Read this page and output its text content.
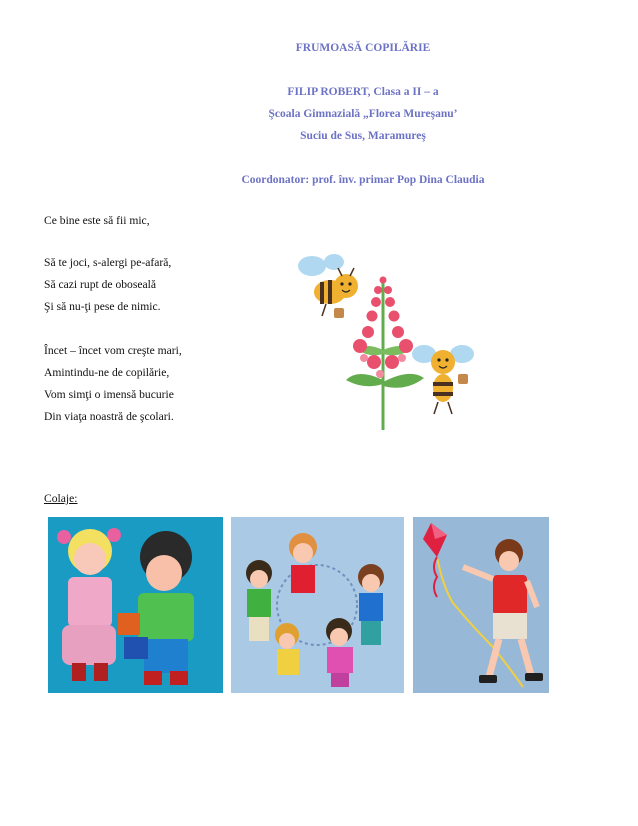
FRUMOASĂ COPILĂRIE
FILIP ROBERT, Clasa a II – a
Şcoala Gimnazială „Florea Mureşanu’
Suciu de Sus, Maramureş
Coordonator: prof. înv. primar Pop Dina Claudia
Ce bine este să fii mic,
Să te joci, s-alergi pe-afară,
Să cazi rupt de oboseală
Şi să nu-ţi pese de nimic.
Încet – încet vom creşte mari,
Amintindu-ne de copilărie,
Vom simţi o imensă bucurie
Din viaţa noastră de şcolari.
Colaje:
